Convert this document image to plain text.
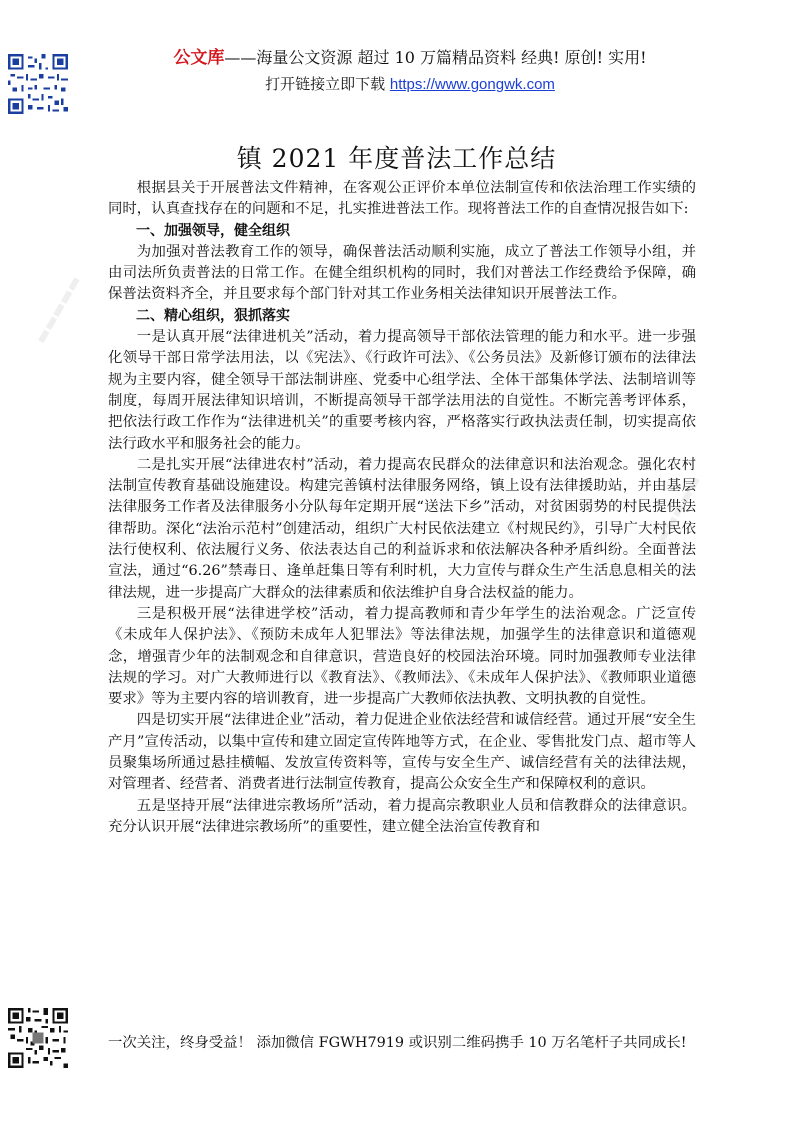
公文库——海量公文资源 超过 10 万篇精品资料 经典! 原创! 实用!
打开链接立即下载 https://www.gongwk.com
镇 2021 年度普法工作总结

根据县关于开展普法文件精神，在客观公正评价本单位法制宣传和依法治理工作实绩的同时，认真查找存在的问题和不足，扎实推进普法工作。现将普法工作的自查情况报告如下:

一、加强领导，健全组织

为加强对普法教育工作的领导，确保普法活动顺利实施，成立了普法工作领导小组，并由司法所负责普法的日常工作。在健全组织机构的同时，我们对普法工作经费给予保障，确保普法资料齐全，并且要求每个部门针对其工作业务相关法律知识开展普法工作。

二、精心组织，狠抓落实

一是认真开展“法律进机关”活动，着力提高领导干部依法管理的能力和水平。进一步强化领导干部日常学法用法，以《宪法》、《行政许可法》、《公务员法》及新修订颁布的法律法规为主要内容，健全领导干部法制讲座、党委中心组学法、全体干部集体学法、法制培训等制度，每周开展法律知识培训，不断提高领导干部学法用法的自觉性。不断完善考评体系，把依法行政工作作为“法律进机关”的重要考核内容，严格落实行政执法责任制，切实提高依法行政水平和服务社会的能力。

二是扎实开展“法律进农村”活动，着力提高农民群众的法律意识和法治观念。强化农村法制宣传教育基础设施建设。构建完善镇村法律服务网络，镇上设有法律援助站，并由基层法律服务工作者及法律服务小分队每年定期开展“送法下乡”活动，对贫困弱势的村民提供法律帮助。深化“法治示范村”创建活动，组织广大村民依法建立《村规民约》，引导广大村民依法行使权利、依法履行义务、依法表达自己的利益诉求和依法解决各种矛盾纠纷。全面普法宣法，通过“6.26”禁毒日、逢单赶集日等有利时机，大力宣传与群众生产生活息息相关的法律法规，进一步提高广大群众的法律素质和依法维护自身合法权益的能力。

三是积极开展“法律进学校”活动，着力提高教师和青少年学生的法治观念。广泛宣传《未成年人保护法》、《预防未成年人犯罪法》等法律法规，加强学生的法律意识和道德观念，增强青少年的法制观念和自律意识，营造良好的校园法治环境。同时加强教师专业法律法规的学习。对广大教师进行以《教育法》、《教师法》、《未成年人保护法》、《教师职业道德要求》等为主要内容的培训教育，进一步提高广大教师依法执教、文明执教的自觉性。

四是切实开展“法律进企业”活动，着力促进企业依法经营和诚信经营。通过开展“安全生产月”宣传活动，以集中宣传和建立固定宣传阵地等方式，在企业、零售批发门点、超市等人员聚集场所通过悬挂横幅、发放宣传资料等，宣传与安全生产、诚信经营有关的法律法规，对管理者、经营者、消费者进行法制宣传教育，提高公众安全生产和保障权利的意识。

五是坚持开展“法律进宗教场所”活动，着力提高宗教职业人员和信教群众的法律意识。充分认识开展“法律进宗教场所”的重要性，建立健全法治宣传教育和

一次关注，终身受益！ 添加微信 FGWH7919 或识别二维码携手 10 万名笔杆子共同成长!
▬▬▬▬▬
▬▬▬▬▬
